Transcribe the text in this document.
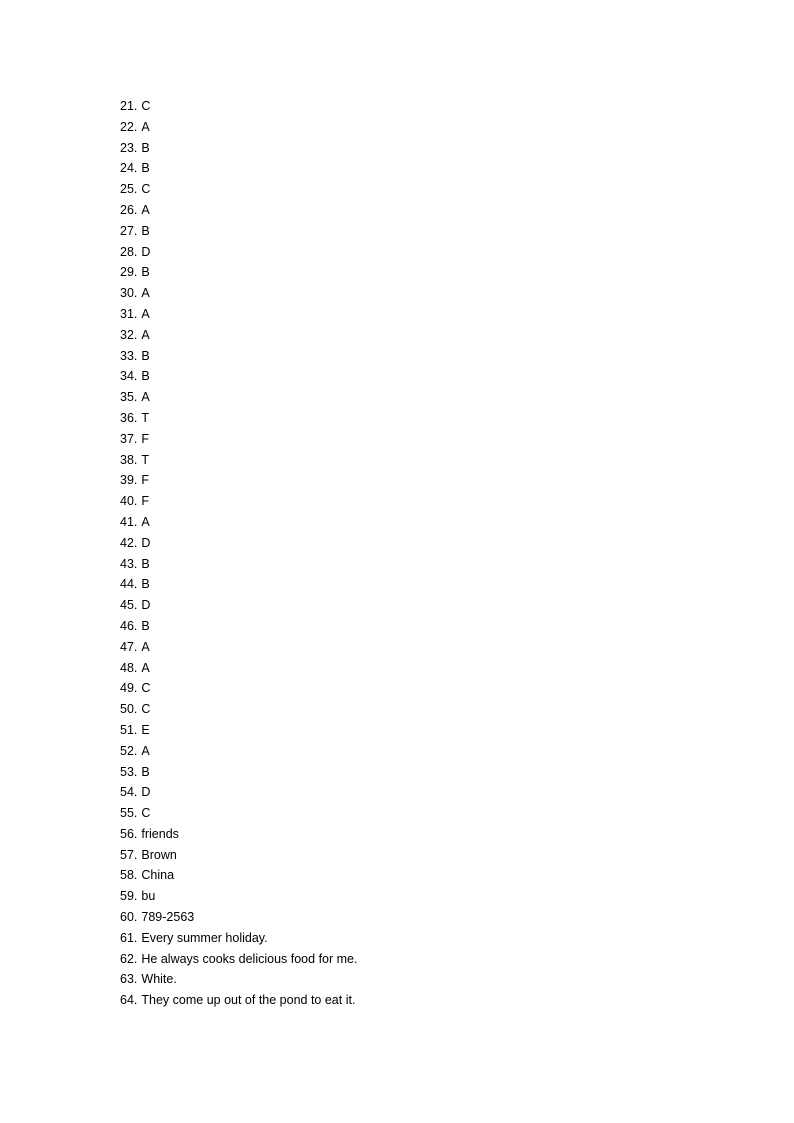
21. C
22. A
23. B
24. B
25. C
26. A
27. B
28. D
29. B
30. A
31. A
32. A
33. B
34. B
35. A
36. T
37. F
38. T
39. F
40. F
41. A
42. D
43. B
44. B
45. D
46. B
47. A
48. A
49. C
50. C
51. E
52. A
53. B
54. D
55. C
56. friends
57. Brown
58. China
59. bu
60. 789-2563
61. Every summer holiday.
62. He always cooks delicious food for me.
63. White.
64. They come up out of the pond to eat it.
